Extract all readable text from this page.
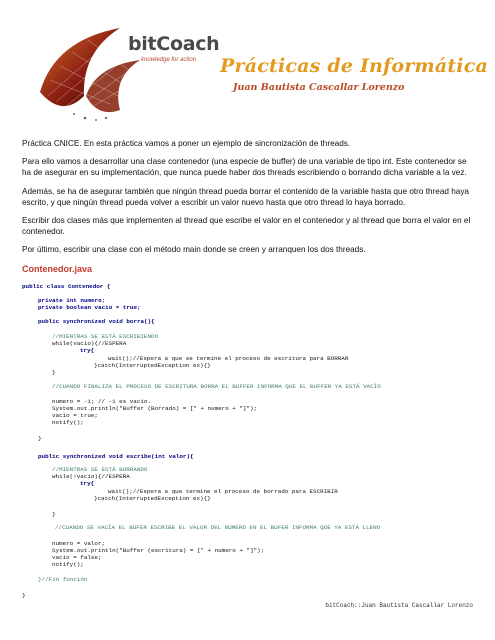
bitCoach
knowledge for action Prácticas de Informática
Juan Bautista Cascallar Lorenzo

Práctica CNICE. En esta práctica vamos a poner un ejemplo de sincronización de threads.

Para ello vamos a desarrollar una clase contenedor (una especie de buffer) de una variable de tipo int. Este contenedor se ha de asegurar en su implementación, que nunca puede haber dos threads escribiendo o borrando dicha variable a la vez.

Además, se ha de asegurar también que ningún thread pueda borrar el contenido de la variable hasta que otro thread haya escrito, y que ningún thread pueda volver a escribir un valor nuevo hasta que otro thread lo haya borrado.

Escribir dos clases más que implementen al thread que escribe el valor en el contenedor y al thread que borra el valor en el contenedor.

Por último, escribir una clase con el método main donde se creen y arranquen los dos threads.

Contenedor.java
public class Contenedor {
private int numero;
private boolean vacio = true;
public synchronized void borra(){
//MIENTRAS SE ESTÁ ESCRIBIENDO
while(vacio){//ESPERA
try{
wait();//Espera a que se termine el proceso de escritura para BORRAR
}catch(InterruptedException ex){}
}
//CUANDO FINALIZA EL PROCESO DE ESCRITURA BORRA EL BUFFER INFORMA QUE EL BUFFER YA ESTÁ VACÍO
numero = -1; // -1 es vacio.
System.out.println("Buffer (Borrado) = [" + numero + "]");
vacio = true;
notify();
}
public synchronized void escribe(int valor){
//MIENTRAS SE ESTÁ BORRANDO
while(!vacio){//ESPERA
try{
wait();//Espera a que termine el proceso de borrado para ESCRIBIR
}catch(InterruptedException ex){}
}
//CUANDO SE VACÍA EL BUFER ESCRIBE EL VALOR DEL NÚMERO EN EL BUFER INFORMA QUE YA ESTÁ LLENO
numero = valor;
System.out.println("Buffer (escritura) = [" + numero + "]");
vacio = false;
notify();
}//Fin función
}
bitCoach::Juan Bautista Cascallar Lorenzo
